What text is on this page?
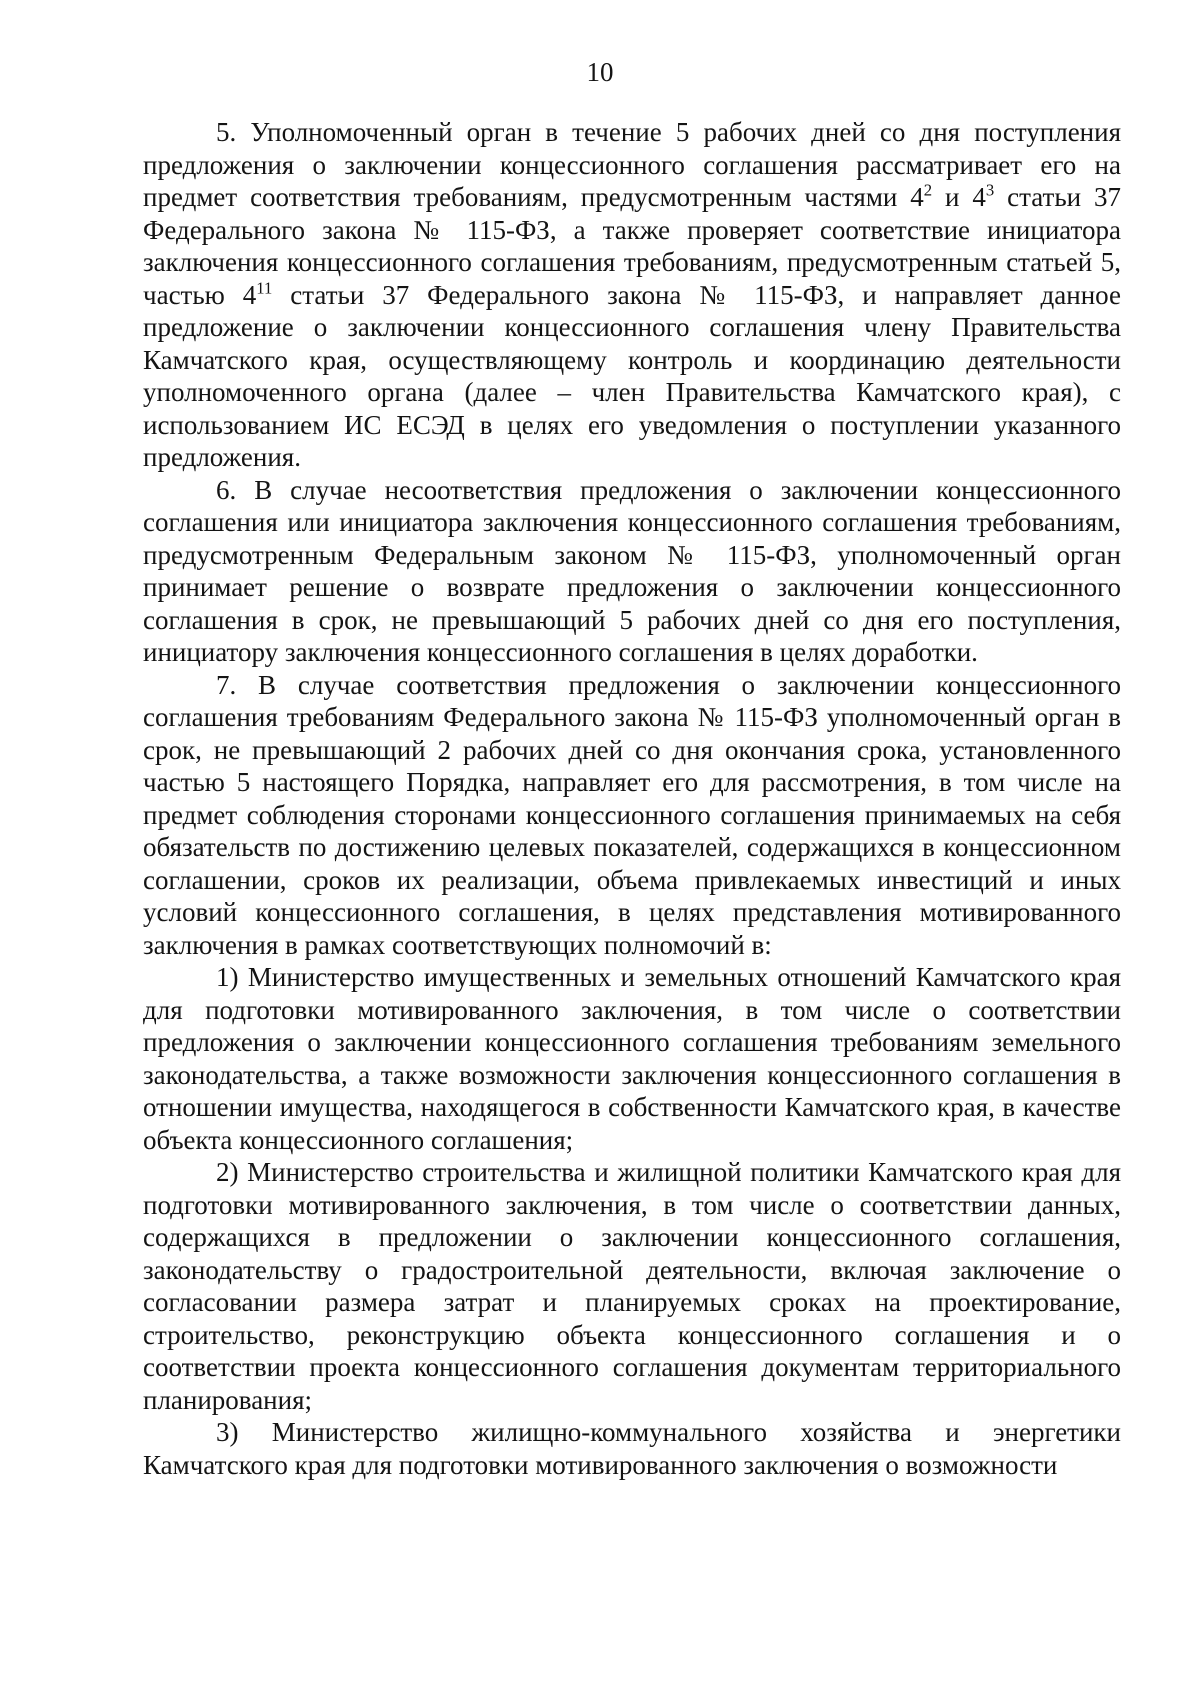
10

5. Уполномоченный орган в течение 5 рабочих дней со дня поступления предложения о заключении концессионного соглашения рассматривает его на предмет соответствия требованиям, предусмотренным частями $4^2$ и $4^3$ статьи 37 Федерального закона № 115-ФЗ, а также проверяет соответствие инициатора заключения концессионного соглашения требованиям, предусмотренным статьей 5, частью $4^{11}$ статьи 37 Федерального закона № 115-ФЗ, и направляет данное предложение о заключении концессионного соглашения члену Правительства Камчатского края, осуществляющему контроль и координацию деятельности уполномоченного органа (далее – член Правительства Камчатского края), с использованием ИС ЕСЭД в целях его уведомления о поступлении указанного предложения.

6. В случае несоответствия предложения о заключении концессионного соглашения или инициатора заключения концессионного соглашения требованиям, предусмотренным Федеральным законом № 115-ФЗ, уполномоченный орган принимает решение о возврате предложения о заключении концессионного соглашения в срок, не превышающий 5 рабочих дней со дня его поступления, инициатору заключения концессионного соглашения в целях доработки.

7. В случае соответствия предложения о заключении концессионного соглашения требованиям Федерального закона № 115-ФЗ уполномоченный орган в срок, не превышающий 2 рабочих дней со дня окончания срока, установленного частью 5 настоящего Порядка, направляет его для рассмотрения, в том числе на предмет соблюдения сторонами концессионного соглашения принимаемых на себя обязательств по достижению целевых показателей, содержащихся в концессионном соглашении, сроков их реализации, объема привлекаемых инвестиций и иных условий концессионного соглашения, в целях представления мотивированного заключения в рамках соответствующих полномочий в:

1) Министерство имущественных и земельных отношений Камчатского края для подготовки мотивированного заключения, в том числе о соответствии предложения о заключении концессионного соглашения требованиям земельного законодательства, а также возможности заключения концессионного соглашения в отношении имущества, находящегося в собственности Камчатского края, в качестве объекта концессионного соглашения;

2) Министерство строительства и жилищной политики Камчатского края для подготовки мотивированного заключения, в том числе о соответствии данных, содержащихся в предложении о заключении концессионного соглашения, законодательству о градостроительной деятельности, включая заключение о согласовании размера затрат и планируемых сроках на проектирование, строительство, реконструкцию объекта концессионного соглашения и о соответствии проекта концессионного соглашения документам территориального планирования;

3) Министерство жилищно-коммунального хозяйства и энергетики Камчатского края для подготовки мотивированного заключения о возможности
